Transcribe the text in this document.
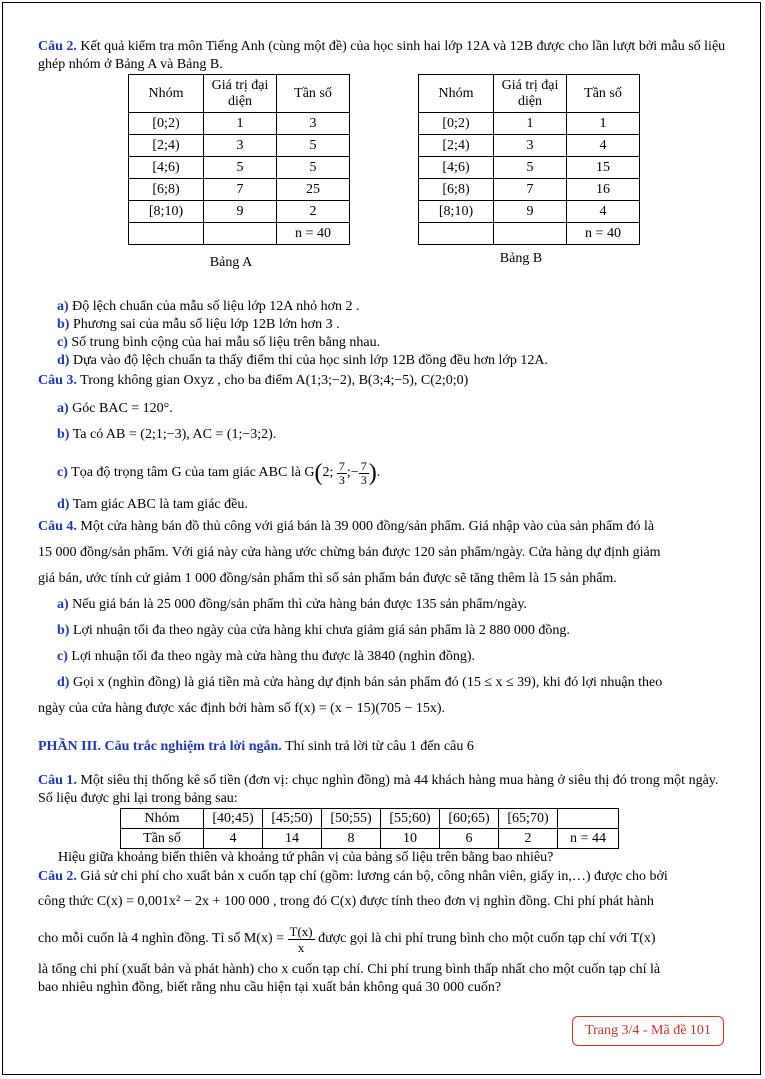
Câu 2. Kết quả kiểm tra môn Tiếng Anh (cùng một đề) của học sinh hai lớp 12A và 12B được cho lần lượt bởi mẫu số liệu ghép nhóm ở Bảng A và Bảng B.

Nhóm	Giá trị đại diện	Tần số
[0;2)	1	3
[2;4)	3	5
[4;6)	5	5
[6;8)	7	25
[8;10)	9	2
		n = 40
Bảng A
Nhóm	Giá trị đại diện	Tần số
[0;2)	1	1
[2;4)	3	4
[4;6)	5	15
[6;8)	7	16
[8;10)	9	4
		n = 40
Bảng B

a) Độ lệch chuẩn của mẫu số liệu lớp 12A nhỏ hơn 2 .

b) Phương sai của mẫu số liệu lớp 12B lớn hơn 3 .

c) Số trung bình cộng của hai mẫu số liệu trên bằng nhau.

d) Dựa vào độ lệch chuẩn ta thấy điểm thi của học sinh lớp 12B đồng đều hơn lớp 12A.

Câu 3. Trong không gian Oxyz , cho ba điểm A(1;3;−2), B(3;4;−5), C(2;0;0)

a) Góc BAC = 120°.

b) Ta có AB = (2;1;−3), AC = (1;−3;2).

c) Tọa độ trọng tâm G của tam giác ABC là G(2; $\frac{7}{3}$ ;− $\frac{7}{3}$ ).

d) Tam giác ABC là tam giác đều.

Câu 4. Một cửa hàng bán đồ thủ công với giá bán là 39 000 đồng/sản phẩm. Giá nhập vào của sản phẩm đó là
15 000 đồng/sản phẩm. Với giá này cửa hàng ước chừng bán được 120 sản phẩm/ngày. Cửa hàng dự định giảm
giá bán, ước tính cứ giảm 1 000 đồng/sản phẩm thì số sản phẩm bán được sẽ tăng thêm là 15 sản phẩm.
a) Nếu giá bán là 25 000 đồng/sản phẩm thì cửa hàng bán được 135 sản phẩm/ngày.
b) Lợi nhuận tối đa theo ngày của cửa hàng khi chưa giảm giá sản phẩm là 2 880 000 đồng.
c) Lợi nhuận tối đa theo ngày mà cửa hàng thu được là 3840 (nghìn đồng).
d) Gọi x (nghìn đồng) là giá tiền mà cửa hàng dự định bán sản phẩm đó (15 ≤ x ≤ 39), khi đó lợi nhuận theo
ngày của cửa hàng được xác định bởi hàm số f(x) = (x − 15)(705 − 15x).

PHẦN III. Câu trắc nghiệm trả lời ngắn. Thí sinh trả lời từ câu 1 đến câu 6

Câu 1. Một siêu thị thống kê số tiền (đơn vị: chục nghìn đồng) mà 44 khách hàng mua hàng ở siêu thị đó trong một ngày. Số liệu được ghi lại trong bảng sau:

Nhóm	[40;45)	[45;50)	[50;55)	[55;60)	[60;65)	[65;70)	
Tần số	4	14	8	10	6	2	n = 44

Hiệu giữa khoảng biến thiên và khoảng tứ phân vị của bảng số liệu trên bằng bao nhiêu?

Câu 2. Giả sử chi phí cho xuất bản x cuốn tạp chí (gồm: lương cán bộ, công nhân viên, giấy in,…) được cho bởi
công thức C(x) = 0,001x² − 2x + 100 000 , trong đó C(x) được tính theo đơn vị nghìn đồng. Chi phí phát hành
cho mỗi cuốn là 4 nghìn đồng. Tỉ số $M(x) = \frac{T(x)}{x}$ được gọi là chi phí trung bình cho một cuốn tạp chí với T(x)
là tổng chi phí (xuất bản và phát hành) cho x cuốn tạp chí. Chi phí trung bình thấp nhất cho một cuốn tạp chí là
bao nhiêu nghìn đồng, biết rằng nhu cầu hiện tại xuất bản không quá 30 000 cuốn?
Trang 3/4 - Mã đề 101
